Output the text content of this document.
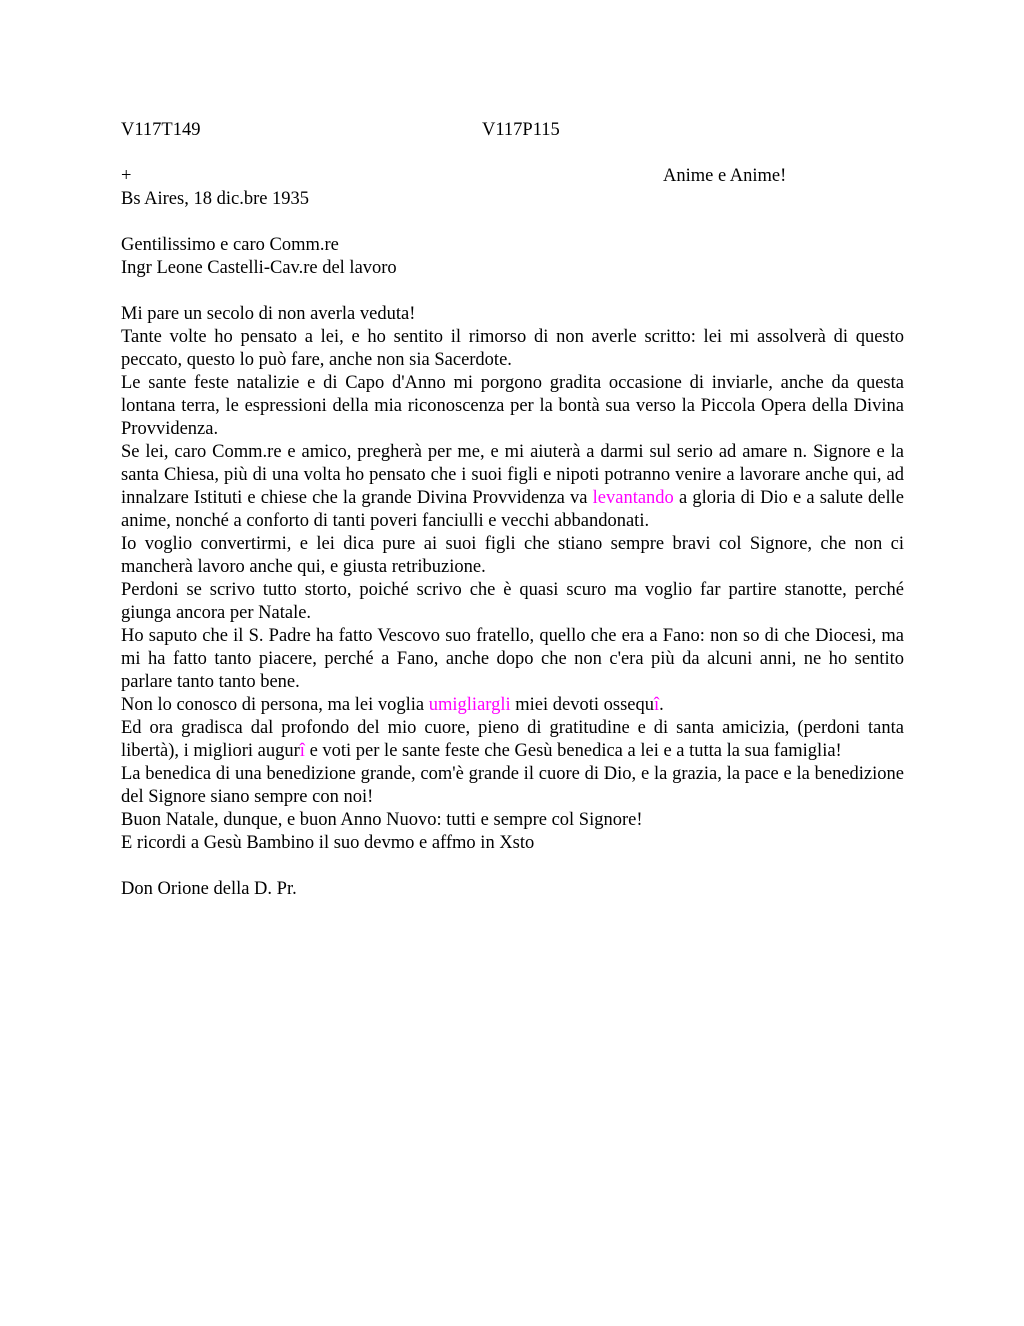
V117T149	V117P115
+	Anime e Anime!
Bs Aires, 18 dic.bre 1935
Gentilissimo e caro Comm.re
Ingr Leone Castelli-Cav.re del lavoro

Mi pare un secolo di non averla veduta!

Tante volte ho pensato a lei, e ho sentito il rimorso di non averle scritto: lei mi assolverà di questo peccato, questo lo può fare, anche non sia Sacerdote.

Le sante feste natalizie e di Capo d'Anno mi porgono gradita occasione di inviarle, anche da questa lontana terra, le espressioni della mia riconoscenza per la bontà sua verso la Piccola Opera della Divina Provvidenza.

Se lei, caro Comm.re e amico, pregherà per me, e mi aiuterà a darmi sul serio ad amare n. Signore e la santa Chiesa, più di una volta ho pensato che i suoi figli e nipoti potranno venire a lavorare anche qui, ad innalzare Istituti e chiese che la grande Divina Provvidenza va levantando a gloria di Dio e a salute delle anime, nonché a conforto di tanti poveri fanciulli e vecchi abbandonati.

Io voglio convertirmi, e lei dica pure ai suoi figli che stiano sempre bravi col Signore, che non ci mancherà lavoro anche qui, e giusta retribuzione.

Perdoni se scrivo tutto storto, poiché scrivo che è quasi scuro ma voglio far partire stanotte, perché giunga ancora per Natale.

Ho saputo che il S. Padre ha fatto Vescovo suo fratello, quello che era a Fano: non so di che Diocesi, ma mi ha fatto tanto piacere, perché a Fano, anche dopo che non c'era più da alcuni anni, ne ho sentito parlare tanto tanto bene.

Non lo conosco di persona, ma lei voglia umigliargli miei devoti ossequî.

Ed ora gradisca dal profondo del mio cuore, pieno di gratitudine e di santa amicizia, (perdoni tanta libertà), i migliori augurî e voti per le sante feste che Gesù benedica a lei e a tutta la sua famiglia!

La benedica di una benedizione grande, com'è grande il cuore di Dio, e la grazia, la pace e la benedizione del Signore siano sempre con noi!

Buon Natale, dunque, e buon Anno Nuovo: tutti e sempre col Signore!

E ricordi a Gesù Bambino il suo devmo e affmo in Xsto

Don Orione della D. Pr.
